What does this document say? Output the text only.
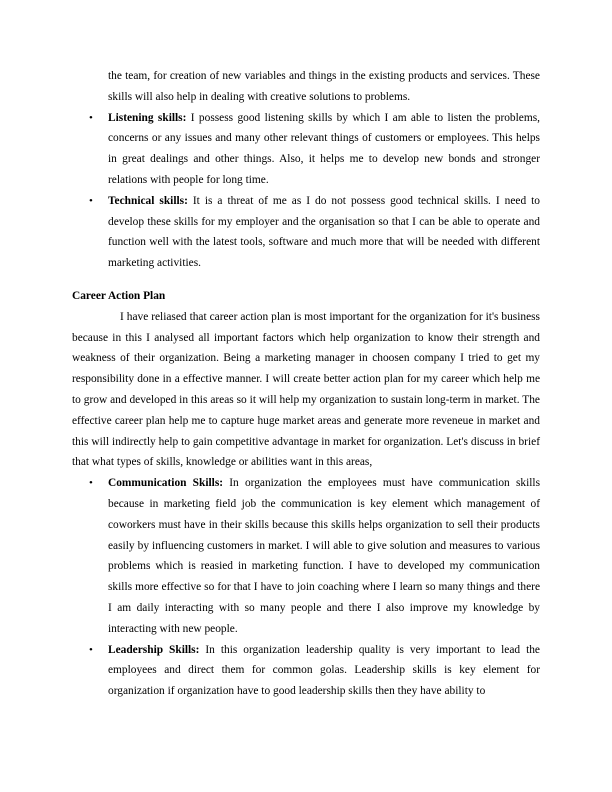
the team, for creation of new variables and things in the existing products and services. These skills will also help in dealing with creative solutions to problems.
• Listening skills: I possess good listening skills by which I am able to listen the problems, concerns or any issues and many other relevant things of customers or employees. This helps in great dealings and other things. Also, it helps me to develop new bonds and stronger relations with people for long time.
• Technical skills: It is a threat of me as I do not possess good technical skills. I need to develop these skills for my employer and the organisation so that I can be able to operate and function well with the latest tools, software and much more that will be needed with different marketing activities.
Career Action Plan
I have reliased that career action plan is most important for the organization for it's business because in this I analysed all important factors which help organization to know their strength and weakness of their organization. Being a marketing manager in choosen company I tried to get my responsibility done in a effective manner. I will create better action plan for my career which help me to grow and developed in this areas so it will help my organization to sustain long-term in market. The effective career plan help me to capture huge market areas and generate more reveneue in market and this will indirectly help to gain competitive advantage in market for organization. Let's discuss in brief that what types of skills, knowledge or abilities want in this areas,
• Communication Skills: In organization the employees must have communication skills because in marketing field job the communication is key element which management of coworkers must have in their skills because this skills helps organization to sell their products easily by influencing customers in market. I will able to give solution and measures to various problems which is reasied in marketing function. I have to developed my communication skills more effective so for that I have to join coaching where I learn so many things and there I am daily interacting with so many people and there I also improve my knowledge by interacting with new people.
• Leadership Skills: In this organization leadership quality is very important to lead the employees and direct them for common golas. Leadership skills is key element for organization if organization have to good leadership skills then they have ability to
